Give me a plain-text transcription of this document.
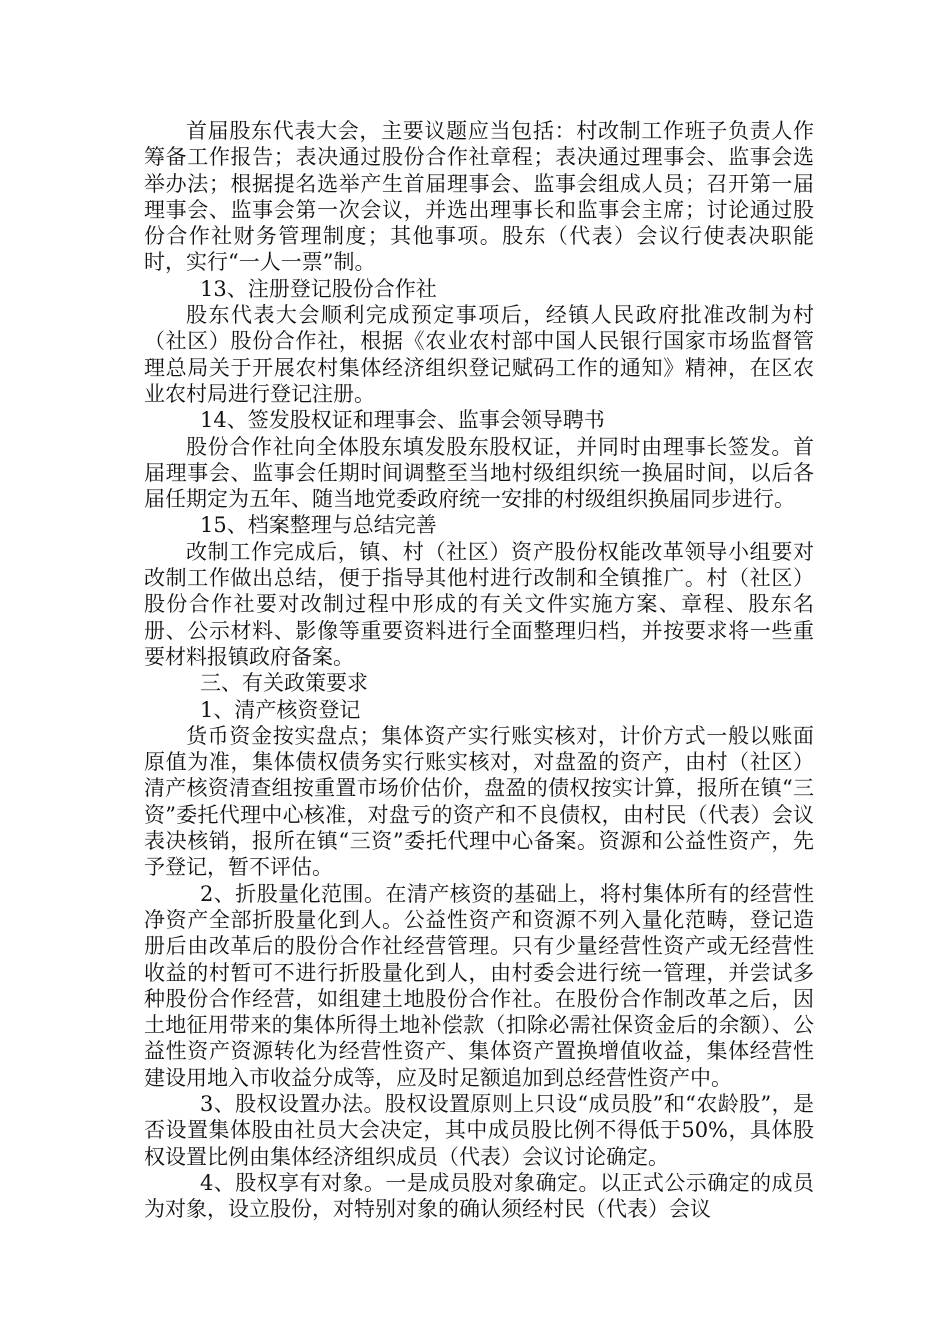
首届股东代表大会，主要议题应当包括：村改制工作班子负责人作筹备工作报告；表决通过股份合作社章程；表决通过理事会、监事会选举办法；根据提名选举产生首届理事会、监事会组成人员；召开第一届理事会、监事会第一次会议，并选出理事长和监事会主席；讨论通过股份合作社财务管理制度；其他事项。股东（代表）会议行使表决职能时，实行“一人一票”制。

13、注册登记股份合作社

股东代表大会顺利完成预定事项后，经镇人民政府批准改制为村（社区）股份合作社，根据《农业农村部中国人民银行国家市场监督管理总局关于开展农村集体经济组织登记赋码工作的通知》精神，在区农业农村局进行登记注册。

14、签发股权证和理事会、监事会领导聘书

股份合作社向全体股东填发股东股权证，并同时由理事长签发。首届理事会、监事会任期时间调整至当地村级组织统一换届时间，以后各届任期定为五年、随当地党委政府统一安排的村级组织换届同步进行。

15、档案整理与总结完善

改制工作完成后，镇、村（社区）资产股份权能改革领导小组要对改制工作做出总结，便于指导其他村进行改制和全镇推广。村（社区）股份合作社要对改制过程中形成的有关文件实施方案、章程、股东名册、公示材料、影像等重要资料进行全面整理归档，并按要求将一些重要材料报镇政府备案。

三、有关政策要求

1、清产核资登记

货币资金按实盘点；集体资产实行账实核对，计价方式一般以账面原值为准，集体债权债务实行账实核对，对盘盈的资产，由村（社区）清产核资清查组按重置市场价估价，盘盈的债权按实计算，报所在镇“三资”委托代理中心核准，对盘亏的资产和不良债权，由村民（代表）会议表决核销，报所在镇“三资”委托代理中心备案。资源和公益性资产，先予登记，暂不评估。

2、折股量化范围。在清产核资的基础上，将村集体所有的经营性净资产全部折股量化到人。公益性资产和资源不列入量化范畴，登记造册后由改革后的股份合作社经营管理。只有少量经营性资产或无经营性收益的村暂可不进行折股量化到人，由村委会进行统一管理，并尝试多种股份合作经营，如组建土地股份合作社。在股份合作制改革之后，因土地征用带来的集体所得土地补偿款（扣除必需社保资金后的余额）、公益性资产资源转化为经营性资产、集体资产置换增值收益，集体经营性建设用地入市收益分成等，应及时足额追加到总经营性资产中。

3、股权设置办法。股权设置原则上只设“成员股”和“农龄股”，是否设置集体股由社员大会决定，其中成员股比例不得低于50%，具体股权设置比例由集体经济组织成员（代表）会议讨论确定。

4、股权享有对象。一是成员股对象确定。以正式公示确定的成员为对象，设立股份，对特别对象的确认须经村民（代表）会议
